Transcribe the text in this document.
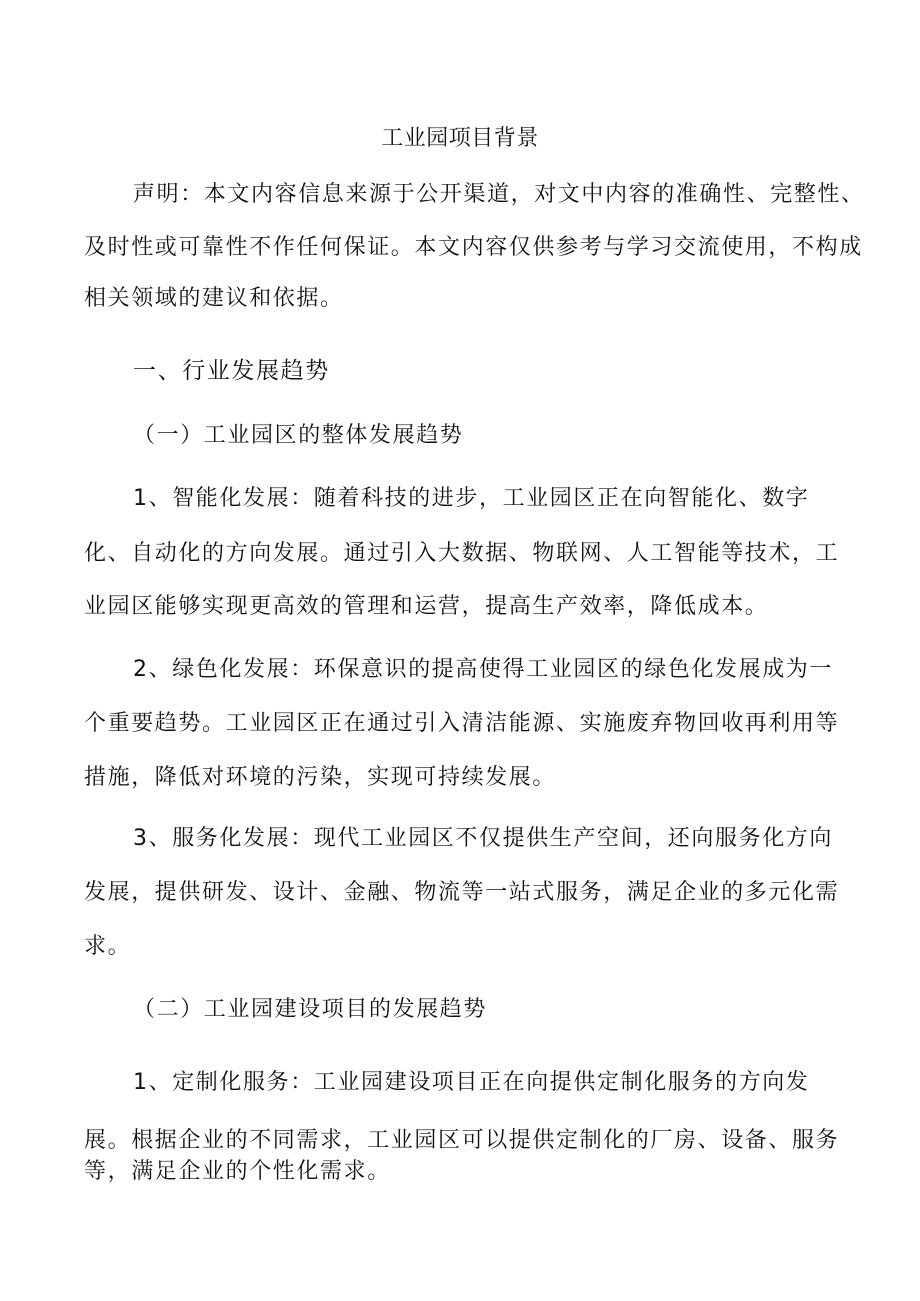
工业园项目背景
声明：本文内容信息来源于公开渠道，对文中内容的准确性、完整性、
及时性或可靠性不作任何保证。本文内容仅供参考与学习交流使用，不构成
相关领域的建议和依据。
一、行业发展趋势
（一）工业园区的整体发展趋势
1、智能化发展：随着科技的进步，工业园区正在向智能化、数字
化、自动化的方向发展。通过引入大数据、物联网、人工智能等技术，工
业园区能够实现更高效的管理和运营，提高生产效率，降低成本。
2、绿色化发展：环保意识的提高使得工业园区的绿色化发展成为一
个重要趋势。工业园区正在通过引入清洁能源、实施废弃物回收再利用等
措施，降低对环境的污染，实现可持续发展。
3、服务化发展：现代工业园区不仅提供生产空间，还向服务化方向
发展，提供研发、设计、金融、物流等一站式服务，满足企业的多元化需
求。
（二）工业园建设项目的发展趋势
1、定制化服务：工业园建设项目正在向提供定制化服务的方向发
展。根据企业的不同需求，工业园区可以提供定制化的厂房、设备、服务
等，满足企业的个性化需求。
